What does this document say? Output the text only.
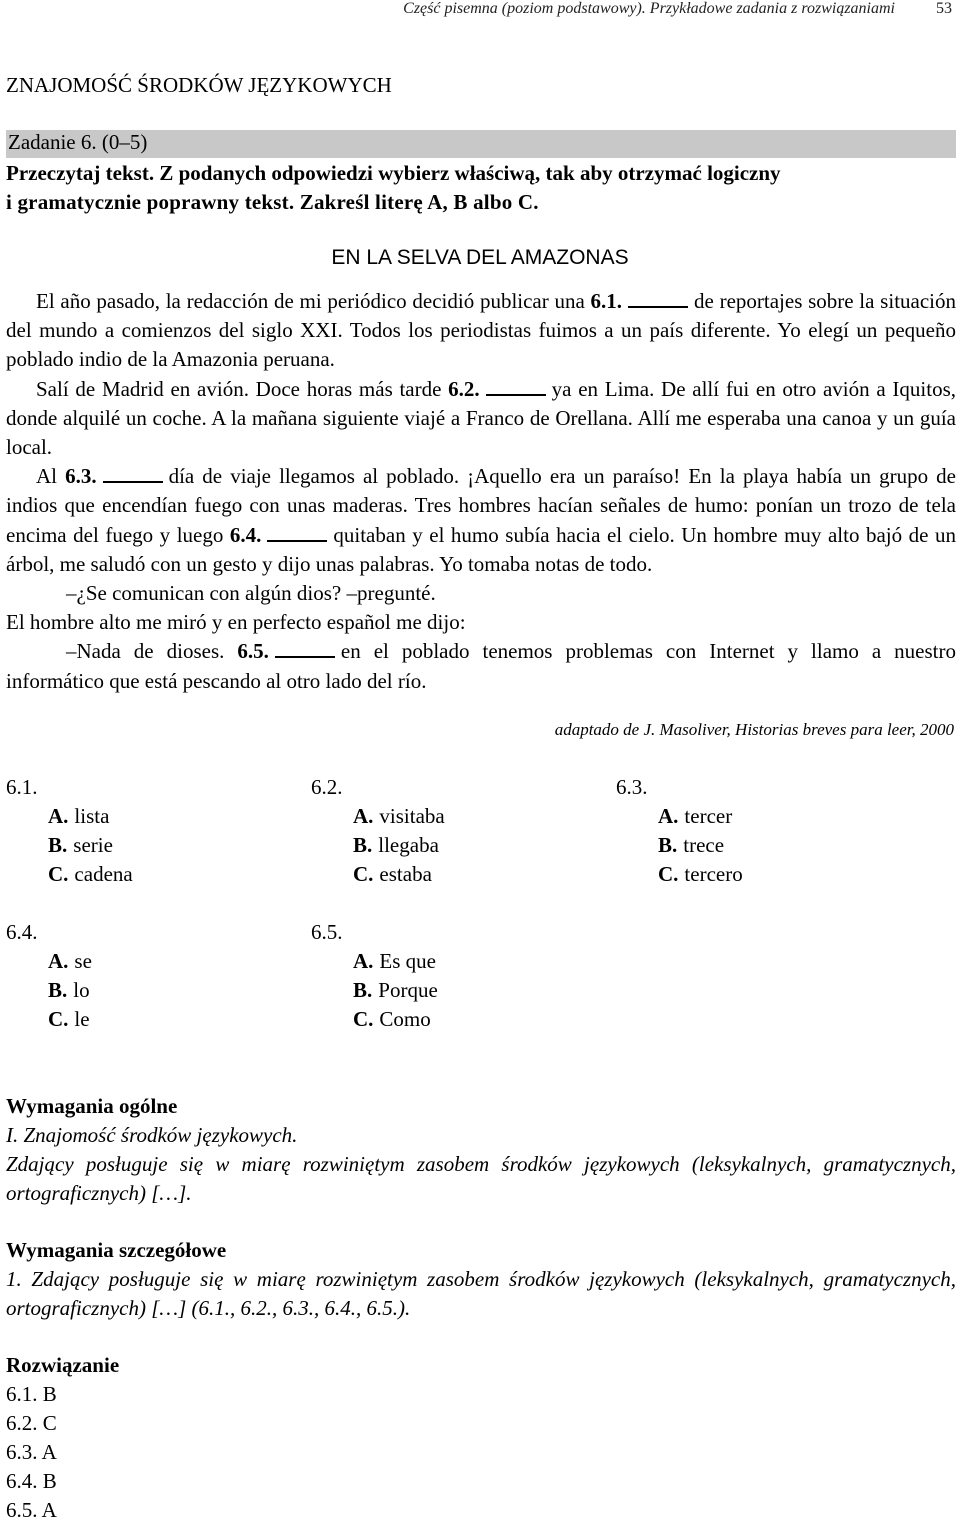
Część pisemna (poziom podstawowy). Przykładowe zadania z rozwiązaniami	53
ZNAJOMOŚĆ ŚRODKÓW JĘZYKOWYCH
Zadanie 6. (0–5)
Przeczytaj tekst. Z podanych odpowiedzi wybierz właściwą, tak aby otrzymać logiczny
i gramatycznie poprawny tekst. Zakreśl literę A, B albo C.
EN LA SELVA DEL AMAZONAS

El año pasado, la redacción de mi periódico decidió publicar una 6.1.	de reportajes sobre la situación del mundo a comienzos del siglo XXI. Todos los periodistas fuimos a un país diferente. Yo elegí un pequeño poblado indio de la Amazonia peruana.

Salí de Madrid en avión. Doce horas más tarde 6.2.	ya en Lima. De allí fui en otro avión a Iquitos, donde alquilé un coche. A la mañana siguiente viajé a Franco de Orellana. Allí me esperaba una canoa y un guía local.

Al 6.3.	día de viaje llegamos al poblado. ¡Aquello era un paraíso! En la playa había un grupo de indios que encendían fuego con unas maderas. Tres hombres hacían señales de humo: ponían un trozo de tela encima del fuego y luego 6.4.	quitaban y el humo subía hacia el cielo. Un hombre muy alto bajó de un árbol, me saludó con un gesto y dijo unas palabras. Yo tomaba notas de todo.

–¿Se comunican con algún dios? –pregunté.

El hombre alto me miró y en perfecto español me dijo:

–Nada de dioses. 6.5.	en el poblado tenemos problemas con Internet y llamo a nuestro informático que está pescando al otro lado del río.

adaptado de J. Masoliver, Historias breves para leer, 2000
6.1.
A. lista
B. serie
C. cadena
6.2.
A. visitaba
B. llegaba
C. estaba
6.3.
A. tercer
B. trece
C. tercero
6.4.
A. se
B. lo
C. le
6.5.
A. Es que
B. Porque
C. Como
Wymagania ogólne
I. Znajomość środków językowych.
Zdający posługuje się w miarę rozwiniętym zasobem środków językowych (leksykalnych, gramatycznych, ortograficznych) […].
Wymagania szczegółowe
1. Zdający posługuje się w miarę rozwiniętym zasobem środków językowych (leksykalnych, gramatycznych, ortograficznych) […] (6.1., 6.2., 6.3., 6.4., 6.5.).
Rozwiązanie
6.1. B
6.2. C
6.3. A
6.4. B
6.5. A
